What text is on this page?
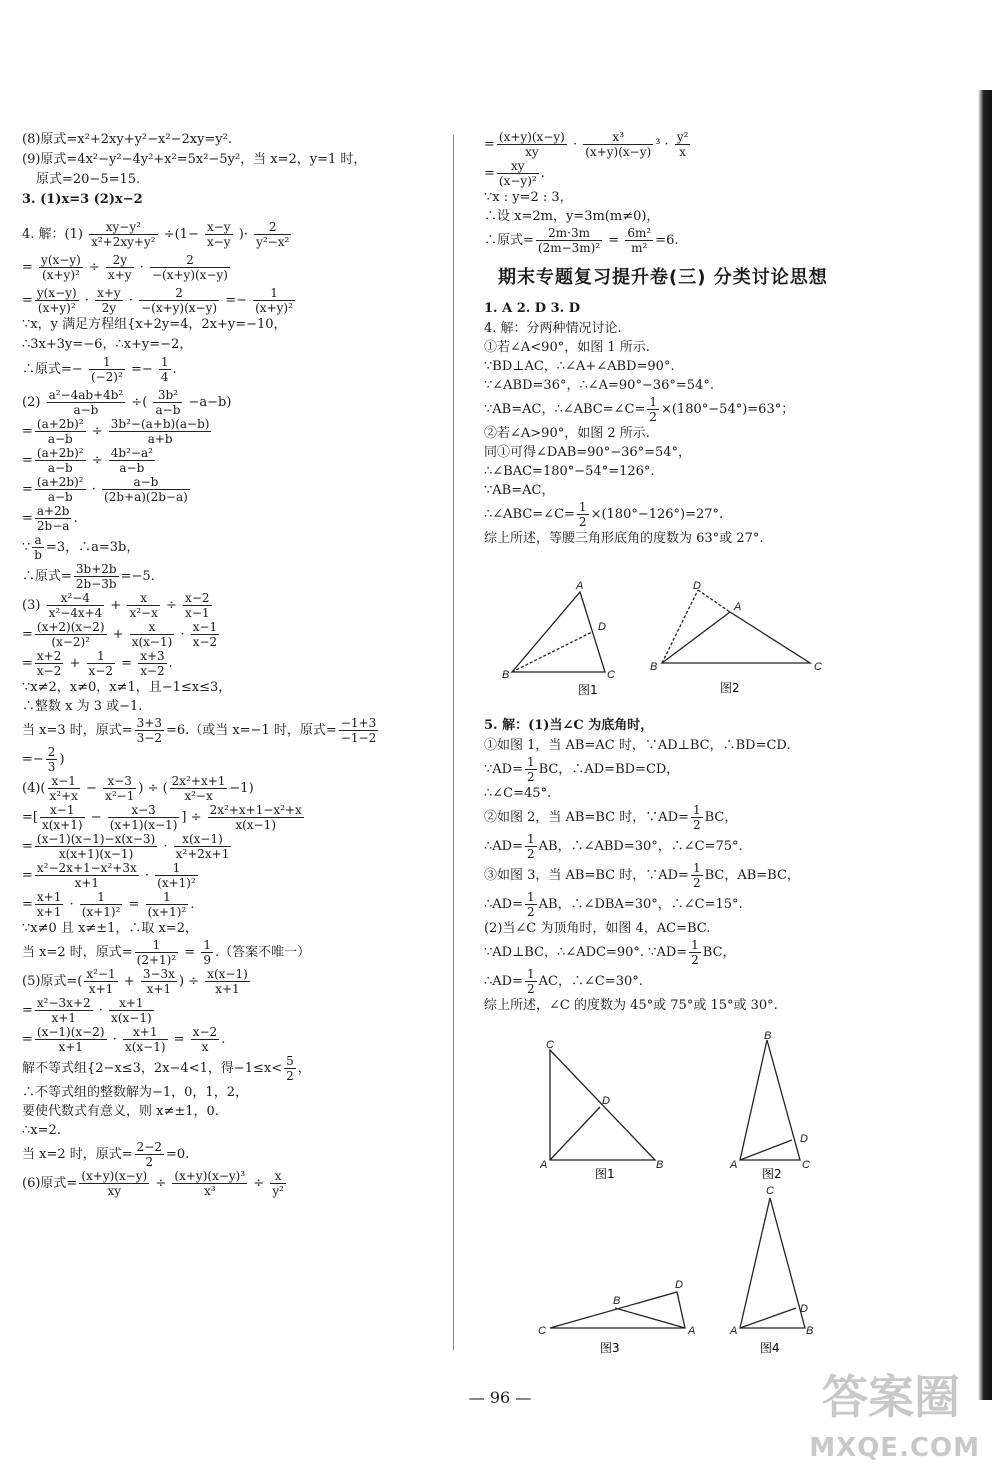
(8)原式=x²+2xy+y²−x²−2xy=y².

(9)原式=4x²−y²−4y²+x²=5x²−5y²，当 x=2，y=1 时，

原式=20−5=15.

3. (1)x=3 (2)x−2

4. 解：$(1) \frac{\text{xy−y²}}{\text{x²+2xy+y²}} \div(1- \frac{x-y}{x-y}$ )· $\frac{2}{\text{y²−x²}}$

= $\frac{y(x-y)}{\text{(x+y)²}} \div \frac{2y}{x+y} \cdot \frac{2}{-(x+y)(x-y)}$

= $\frac{y(x-y)}{\text{(x+y)²}} \cdot \frac{x+y}{2y} \cdot \frac{2}{-(x+y)(x-y)} =- \frac{1}{\text{(x+y)²}}$

∵x，y 满足方程组{x+2y=4，2x+y=−10，

∴3x+3y=−6，∴x+y=−2，

∴原式=− $\frac{1}{\text{(−2)²}} =- \frac{1}{4}$ .

$(2) \frac{\text{a²−4ab+4b²}}{a-b}$ ÷( $\frac{\text{3b²}}{a-b} -a-b$)

= $\frac{\text{(a+2b)²}}{a-b} \div \frac{\text{3b²−(a+b)(a−b)}}{a+b}$

= $\frac{\text{(a+2b)²}}{a-b} \div \frac{\text{4b²−a²}}{a-b}$

= $\frac{\text{(a+2b)²}}{a-b} \cdot \frac{a-b}{(2b+a)(2b-a)}$

= $\frac{a+2b}{2b-a}$ .

∵ $\frac{a}{b} =3$，∴a=3b，

∴原式= $\frac{3b+2b}{2b-3b} =-5$.

$(3) \frac{\text{x²−4}}{\text{x²−4x+4}} + \frac{x}{\text{x²−x}} \div \frac{x-2}{x-1}$

= $\frac{(x+2)(x-2)}{\text{(x−2)²}} + \frac{x}{x(x-1)} \cdot \frac{x-1}{x-2}$

= $\frac{x+2}{x-2} + \frac{1}{x-2} = \frac{x+3}{x-2}$ .

∵x≠2，x≠0，x≠1，且−1≤x≤3，

∴整数 x 为 3 或−1.

当 x=3 时，原式= $\frac{3+3}{3-2} =6$.（或当 x=−1 时，原式= $\frac{-1+3}{-1-2}$

=− $\frac{2}{3}$ )

$(4)( \frac{x-1}{\text{x²+x}} - \frac{x-3}{\text{x²−1}}$ ) ÷ ( $\frac{\text{2x²+x+1}}{\text{x²−x}} -1$)

=[ $\frac{x-1}{x(x+1)} - \frac{x-3}{(x+1)(x-1)}$ ] ÷ $\frac{\text{2x²+x+1−x²+x}}{x(x-1)}$

= $\frac{(x-1)(x-1)-x(x-3)}{x(x+1)(x-1)} \cdot \frac{x(x-1)}{\text{x²+2x+1}}$

= $\frac{\text{x²−2x+1−x²+3x}}{x+1} \cdot \frac{1}{\text{(x+1)²}}$

= $\frac{x+1}{x+1} \cdot \frac{1}{\text{(x+1)²}} = \frac{1}{\text{(x+1)²}}$ .

∵x≠0 且 x≠±1，∴取 x=2，

当 x=2 时，原式= $\frac{1}{\text{(2+1)²}} = \frac{1}{9}$ .（答案不唯一）

(5)原式=( $\frac{\text{x²−1}}{x+1} + \frac{3-3x}{x+1}$ ) ÷ $\frac{x(x-1)}{x+1}$

= $\frac{\text{x²−3x+2}}{x+1} \cdot \frac{x+1}{x(x-1)}$

= $\frac{(x-1)(x-2)}{x+1} \cdot \frac{x+1}{x(x-1)} = \frac{x-2}{x}$ .

解不等式组{2−x≤3，2x−4<1，得$-1\le x< \frac{5}{2}$ ，

∴不等式组的整数解为−1，0，1，2，

要使代数式有意义，则 x≠±1，0.

∴x=2.

当 x=2 时，原式= $\frac{2-2}{2} =0$.

(6)原式= $\frac{(x+y)(x-y)}{xy} \div \frac{\text{(x+y)(x−y)³}}{\text{x³}} \div \frac{x}{\text{y²}}$

= $\frac{(x+y)(x-y)}{xy} \cdot \frac{\text{x³}}{(x+y)(x-y)} ^3 \cdot \frac{\text{y²}}{x}$

= $\frac{xy}{\text{(x−y)²}}$ .

∵x : y=2 : 3，

∴设 x=2m，y=3m(m≠0)，

∴原式= $\frac{2m\cdot 3m}{\text{(2m−3m)²}} = \frac{\text{6m²}}{\text{m²}} =6$.

期末专题复习提升卷(三) 分类讨论思想

1. A 2. D 3. D

4. 解：分两种情况讨论.

①若∠A<90°，如图 1 所示.

∵BD⊥AC，∴∠A+∠ABD=90°.

∵∠ABD=36°，∴∠A=90°−36°=54°.

∵AB=AC，∴∠ABC=∠C= $\frac{1}{2} \times(180^\circ-54^\circ)=63^\circ$；

②若∠A>90°，如图 2 所示.

同①可得∠DAB=90°−36°=54°，

∴∠BAC=180°−54°=126°.

∵AB=AC，

∴∠ABC=∠C= $\frac{1}{2} \times(180^\circ-126^\circ)=27^\circ$.

综上所述，等腰三角形底角的度数为 63°或 27°.

A
D
B	C
D
A
B	C
图1	图2

5. 解：(1)当∠C 为底角时，

①如图 1，当 AB=AC 时，∵AD⊥BC，∴BD=CD.

∵AD= $\frac{1}{2}$ BC，∴AD=BD=CD，

∴∠C=45°.

②如图 2，当 AB=BC 时，∵AD= $\frac{1}{2}$ BC，

∴AD= $\frac{1}{2}$ AB，∴∠ABD=30°，∴∠C=75°.

③如图 3，当 AB=BC 时，∵AD= $\frac{1}{2}$ BC，AB=BC，

∴AD= $\frac{1}{2}$ AB，∴∠DBA=30°，∴∠C=15°.

(2)当∠C 为顶角时，如图 4，AC=BC.

∵AD⊥BC，∴∠ADC=90°. ∵AD= $\frac{1}{2}$ BC，

∴AD= $\frac{1}{2}$ AC，∴∠C=30°.

综上所述，∠C 的度数为 45°或 75°或 15°或 30°.

C
D
A	B
B
D
A	C
C
D
A	B
C
B
D
A
图1	图2
图3	图4
— 96 —	答案圈
MXQE.COM
